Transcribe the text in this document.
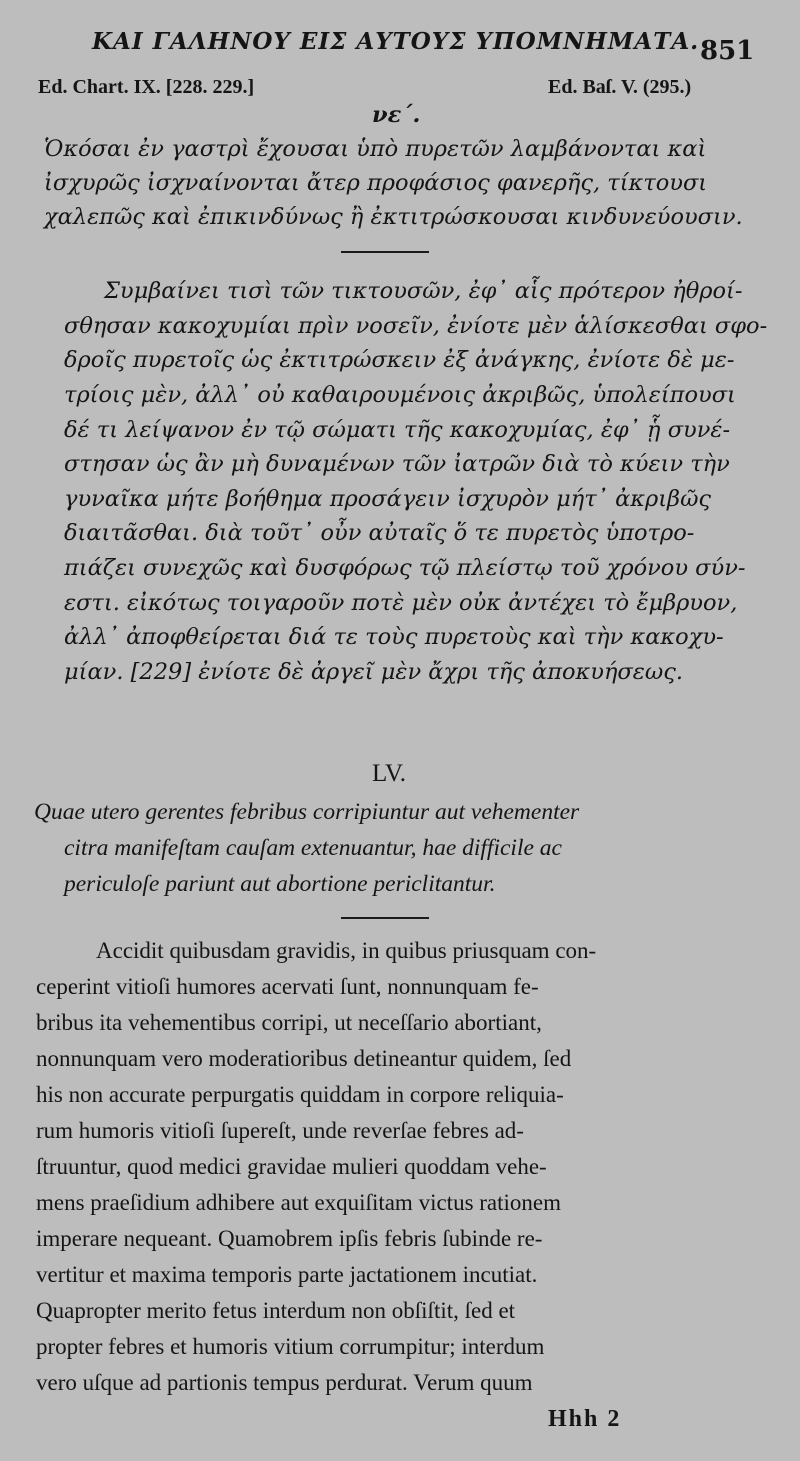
ΚΑΙ ΓΑΛΗΝΟΥ ΕΙΣ ΑΥΤΟΥΣ ΥΠΟΜΝΗΜΑΤΑ. 851
Ed. Chart. IX. [228. 229.]	Ed. Baſ. V. (295.)
νε΄.
Ὁκόσαι ἐν γαστρὶ ἔχουσαι ὑπὸ πυρετῶν λαμβάνονται καὶ
ἰσχυρῶς ἰσχναίνονται ἄτερ προφάσιος φανερῆς, τίκτουσι
χαλεπῶς καὶ ἐπικινδύνως ἢ ἐκτιτρώσκουσαι κινδυνεύουσιν.
Συμβαίνει τισὶ τῶν τικτουσῶν, ἐφ᾽ αἷς πρότερον ἠθροί-
σθησαν κακοχυμίαι πρὶν νοσεῖν, ἐνίοτε μὲν ἁλίσκεσθαι σφο-
δροῖς πυρετοῖς ὡς ἐκτιτρώσκειν ἐξ ἀνάγκης, ἐνίοτε δὲ με-
τρίοις μὲν, ἀλλ᾽ οὐ καθαιρουμένοις ἀκριβῶς, ὑπολείπουσι
δέ τι λείψανον ἐν τῷ σώματι τῆς κακοχυμίας, ἐφ᾽ ᾗ συνέ-
στησαν ὡς ἂν μὴ δυναμένων τῶν ἰατρῶν διὰ τὸ κύειν τὴν
γυναῖκα μήτε βοήθημα προσάγειν ἰσχυρὸν μήτ᾽ ἀκριβῶς
διαιτᾶσθαι. διὰ τοῦτ᾽ οὖν αὐταῖς ὅ τε πυρετὸς ὑποτρο-
πιάζει συνεχῶς καὶ δυσφόρως τῷ πλείστῳ τοῦ χρόνου σύν-
εστι. εἰκότως τοιγαροῦν ποτὲ μὲν οὐκ ἀντέχει τὸ ἔμβρυον,
ἀλλ᾽ ἀποφθείρεται διά τε τοὺς πυρετοὺς καὶ τὴν κακοχυ-
μίαν. [229] ἐνίοτε δὲ ἀργεῖ μὲν ἄχρι τῆς ἀποκυήσεως.
LV.
Quae utero gerentes febribus corripiuntur aut vehementer
citra manifeſtam cauſam extenuantur, hae difficile ac
periculoſe pariunt aut abortione periclitantur.
Accidit quibusdam gravidis, in quibus priusquam con-
ceperint vitioſi humores acervati ſunt, nonnunquam fe-
bribus ita vehementibus corripi, ut neceſſario abortiant,
nonnunquam vero moderatioribus detineantur quidem, ſed
his non accurate perpurgatis quiddam in corpore reliquia-
rum humoris vitioſi ſupereſt, unde reverſae febres ad-
ſtruuntur, quod medici gravidae mulieri quoddam vehe-
mens praeſidium adhibere aut exquiſitam victus rationem
imperare nequeant. Quamobrem ipſis febris ſubinde re-
vertitur et maxima temporis parte jactationem incutiat.
Quapropter merito fetus interdum non obſiſtit, ſed et
propter febres et humoris vitium corrumpitur; interdum
vero uſque ad partionis tempus perdurat. Verum quum
Hhh 2
